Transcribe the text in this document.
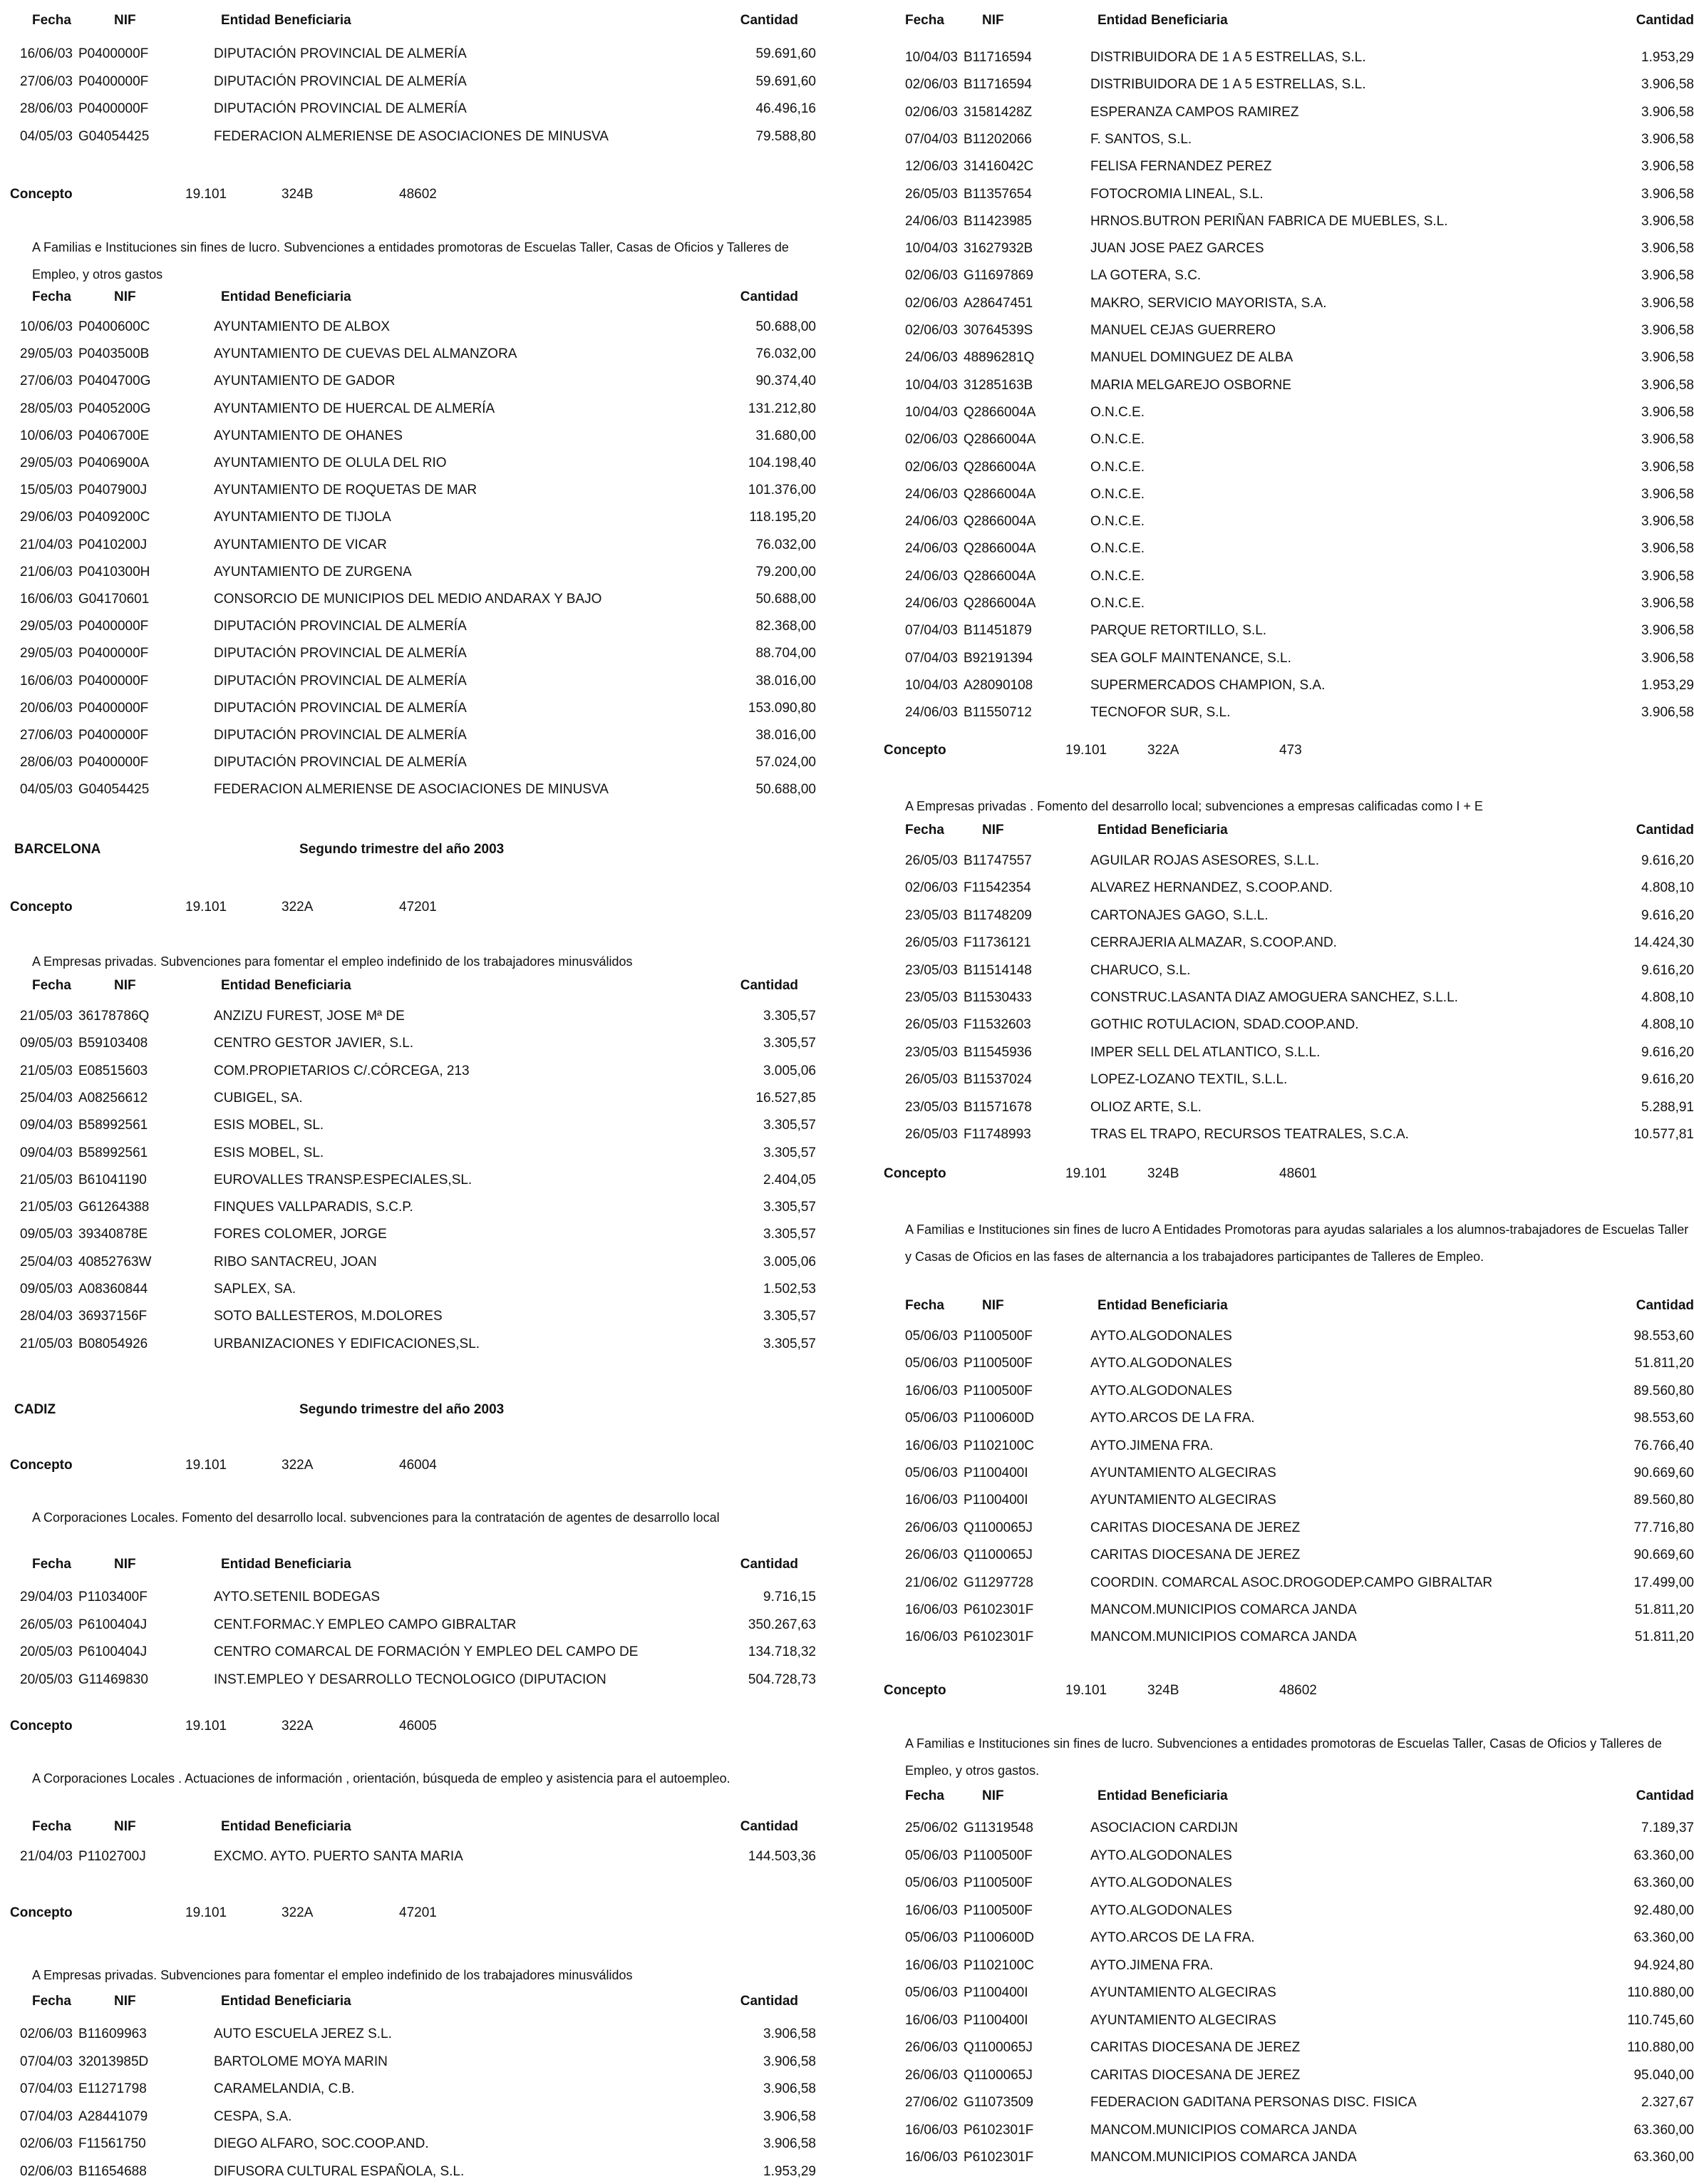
Fecha	NIF	Entidad Beneficiaria	Cantidad
16/06/03 P0400000F	DIPUTACIÓN PROVINCIAL DE ALMERÍA	59.691,60
27/06/03 P0400000F	DIPUTACIÓN PROVINCIAL DE ALMERÍA	59.691,60
28/06/03 P0400000F	DIPUTACIÓN PROVINCIAL DE ALMERÍA	46.496,16
04/05/03 G04054425	FEDERACION ALMERIENSE DE ASOCIACIONES DE MINUSVA	79.588,80
Concepto	19.101	324B	48602
A Familias e Instituciones sin fines de lucro. Subvenciones a entidades promotoras de Escuelas Taller, Casas de Oficios y Talleres de Empleo, y otros gastos
Fecha	NIF	Entidad Beneficiaria	Cantidad
10/06/03 P0400600C	AYUNTAMIENTO DE ALBOX	50.688,00
29/05/03 P0403500B	AYUNTAMIENTO DE CUEVAS DEL ALMANZORA	76.032,00
27/06/03 P0404700G	AYUNTAMIENTO DE GADOR	90.374,40
28/05/03 P0405200G	AYUNTAMIENTO DE HUERCAL DE ALMERÍA	131.212,80
10/06/03 P0406700E	AYUNTAMIENTO DE OHANES	31.680,00
29/05/03 P0406900A	AYUNTAMIENTO DE OLULA DEL RIO	104.198,40
15/05/03 P0407900J	AYUNTAMIENTO DE ROQUETAS DE MAR	101.376,00
29/06/03 P0409200C	AYUNTAMIENTO DE TIJOLA	118.195,20
21/04/03 P0410200J	AYUNTAMIENTO DE VICAR	76.032,00
21/06/03 P0410300H	AYUNTAMIENTO DE ZURGENA	79.200,00
16/06/03 G04170601	CONSORCIO DE MUNICIPIOS DEL MEDIO ANDARAX Y BAJO	50.688,00
29/05/03 P0400000F	DIPUTACIÓN PROVINCIAL DE ALMERÍA	82.368,00
29/05/03 P0400000F	DIPUTACIÓN PROVINCIAL DE ALMERÍA	88.704,00
16/06/03 P0400000F	DIPUTACIÓN PROVINCIAL DE ALMERÍA	38.016,00
20/06/03 P0400000F	DIPUTACIÓN PROVINCIAL DE ALMERÍA	153.090,80
27/06/03 P0400000F	DIPUTACIÓN PROVINCIAL DE ALMERÍA	38.016,00
28/06/03 P0400000F	DIPUTACIÓN PROVINCIAL DE ALMERÍA	57.024,00
04/05/03 G04054425	FEDERACION ALMERIENSE DE ASOCIACIONES DE MINUSVA	50.688,00
BARCELONA	Segundo trimestre del año 2003
Concepto	19.101	322A	47201
A Empresas privadas. Subvenciones para fomentar el empleo indefinido de los trabajadores minusválidos
Fecha	NIF	Entidad Beneficiaria	Cantidad
21/05/03 36178786Q	ANZIZU FUREST, JOSE Mª DE	3.305,57
09/05/03 B59103408	CENTRO GESTOR JAVIER, S.L.	3.305,57
21/05/03 E08515603	COM.PROPIETARIOS C/.CÓRCEGA, 213	3.005,06
25/04/03 A08256612	CUBIGEL, SA.	16.527,85
09/04/03 B58992561	ESIS MOBEL, SL.	3.305,57
09/04/03 B58992561	ESIS MOBEL, SL.	3.305,57
21/05/03 B61041190	EUROVALLES TRANSP.ESPECIALES,SL.	2.404,05
21/05/03 G61264388	FINQUES VALLPARADIS, S.C.P.	3.305,57
09/05/03 39340878E	FORES COLOMER, JORGE	3.305,57
25/04/03 40852763W	RIBO SANTACREU, JOAN	3.005,06
09/05/03 A08360844	SAPLEX, SA.	1.502,53
28/04/03 36937156F	SOTO BALLESTEROS, M.DOLORES	3.305,57
21/05/03 B08054926	URBANIZACIONES Y EDIFICACIONES,SL.	3.305,57
CADIZ	Segundo trimestre del año 2003
Concepto	19.101	322A	46004
A Corporaciones Locales. Fomento del desarrollo local. subvenciones para la contratación de agentes de desarrollo local
Fecha	NIF	Entidad Beneficiaria	Cantidad
29/04/03 P1103400F	AYTO.SETENIL BODEGAS	9.716,15
26/05/03 P6100404J	CENT.FORMAC.Y EMPLEO CAMPO GIBRALTAR	350.267,63
20/05/03 P6100404J	CENTRO COMARCAL DE FORMACIÓN Y EMPLEO DEL CAMPO DE	134.718,32
20/05/03 G11469830	INST.EMPLEO Y DESARROLLO TECNOLOGICO (DIPUTACION	504.728,73
Concepto	19.101	322A	46005
A Corporaciones Locales . Actuaciones de información , orientación, búsqueda de empleo y asistencia para el autoempleo.
Fecha	NIF	Entidad Beneficiaria	Cantidad
21/04/03 P1102700J	EXCMO. AYTO. PUERTO SANTA MARIA	144.503,36
Concepto	19.101	322A	47201
A Empresas privadas. Subvenciones para fomentar el empleo indefinido de los trabajadores minusválidos
Fecha	NIF	Entidad Beneficiaria	Cantidad
02/06/03 B11609963	AUTO ESCUELA JEREZ S.L.	3.906,58
07/04/03 32013985D	BARTOLOME MOYA MARIN	3.906,58
07/04/03 E11271798	CARAMELANDIA, C.B.	3.906,58
07/04/03 A28441079	CESPA, S.A.	3.906,58
02/06/03 F11561750	DIEGO ALFARO, SOC.COOP.AND.	3.906,58
02/06/03 B11654688	DIFUSORA CULTURAL ESPAÑOLA, S.L.	1.953,29
Fecha	NIF	Entidad Beneficiaria	Cantidad
10/04/03 B11716594	DISTRIBUIDORA DE 1 A 5 ESTRELLAS, S.L.	1.953,29
02/06/03 B11716594	DISTRIBUIDORA DE 1 A 5 ESTRELLAS, S.L.	3.906,58
02/06/03 31581428Z	ESPERANZA CAMPOS RAMIREZ	3.906,58
07/04/03 B11202066	F. SANTOS, S.L.	3.906,58
12/06/03 31416042C	FELISA FERNANDEZ PEREZ	3.906,58
26/05/03 B11357654	FOTOCROMIA LINEAL, S.L.	3.906,58
24/06/03 B11423985	HRNOS.BUTRON PERIÑAN FABRICA DE MUEBLES, S.L.	3.906,58
10/04/03 31627932B	JUAN JOSE PAEZ GARCES	3.906,58
02/06/03 G11697869	LA GOTERA, S.C.	3.906,58
02/06/03 A28647451	MAKRO, SERVICIO MAYORISTA, S.A.	3.906,58
02/06/03 30764539S	MANUEL CEJAS GUERRERO	3.906,58
24/06/03 48896281Q	MANUEL DOMINGUEZ DE ALBA	3.906,58
10/04/03 31285163B	MARIA MELGAREJO OSBORNE	3.906,58
10/04/03 Q2866004A	O.N.C.E.	3.906,58
02/06/03 Q2866004A	O.N.C.E.	3.906,58
02/06/03 Q2866004A	O.N.C.E.	3.906,58
24/06/03 Q2866004A	O.N.C.E.	3.906,58
24/06/03 Q2866004A	O.N.C.E.	3.906,58
24/06/03 Q2866004A	O.N.C.E.	3.906,58
24/06/03 Q2866004A	O.N.C.E.	3.906,58
24/06/03 Q2866004A	O.N.C.E.	3.906,58
07/04/03 B11451879	PARQUE RETORTILLO, S.L.	3.906,58
07/04/03 B92191394	SEA GOLF MAINTENANCE, S.L.	3.906,58
10/04/03 A28090108	SUPERMERCADOS CHAMPION, S.A.	1.953,29
24/06/03 B11550712	TECNOFOR SUR, S.L.	3.906,58
Concepto	19.101	322A	473
A Empresas privadas . Fomento del desarrollo local; subvenciones a empresas calificadas como I + E
Fecha	NIF	Entidad Beneficiaria	Cantidad
26/05/03 B11747557	AGUILAR ROJAS ASESORES, S.L.L.	9.616,20
02/06/03 F11542354	ALVAREZ HERNANDEZ, S.COOP.AND.	4.808,10
23/05/03 B11748209	CARTONAJES GAGO, S.L.L.	9.616,20
26/05/03 F11736121	CERRAJERIA ALMAZAR, S.COOP.AND.	14.424,30
23/05/03 B11514148	CHARUCO, S.L.	9.616,20
23/05/03 B11530433	CONSTRUC.LASANTA DIAZ AMOGUERA SANCHEZ, S.L.L.	4.808,10
26/05/03 F11532603	GOTHIC ROTULACION, SDAD.COOP.AND.	4.808,10
23/05/03 B11545936	IMPER SELL DEL ATLANTICO, S.L.L.	9.616,20
26/05/03 B11537024	LOPEZ-LOZANO TEXTIL, S.L.L.	9.616,20
23/05/03 B11571678	OLIOZ ARTE, S.L.	5.288,91
26/05/03 F11748993	TRAS EL TRAPO, RECURSOS TEATRALES, S.C.A.	10.577,81
Concepto	19.101	324B	48601
A Familias e Instituciones sin fines de lucro A Entidades Promotoras para ayudas salariales a los alumnos-trabajadores de Escuelas Taller y Casas de Oficios en las fases de alternancia a los trabajadores participantes de Talleres de Empleo.
Fecha	NIF	Entidad Beneficiaria	Cantidad
05/06/03 P1100500F	AYTO.ALGODONALES	98.553,60
05/06/03 P1100500F	AYTO.ALGODONALES	51.811,20
16/06/03 P1100500F	AYTO.ALGODONALES	89.560,80
05/06/03 P1100600D	AYTO.ARCOS DE LA FRA.	98.553,60
16/06/03 P1102100C	AYTO.JIMENA FRA.	76.766,40
05/06/03 P1100400I	AYUNTAMIENTO ALGECIRAS	90.669,60
16/06/03 P1100400I	AYUNTAMIENTO ALGECIRAS	89.560,80
26/06/03 Q1100065J	CARITAS DIOCESANA DE JEREZ	77.716,80
26/06/03 Q1100065J	CARITAS DIOCESANA DE JEREZ	90.669,60
21/06/02 G11297728	COORDIN. COMARCAL ASOC.DROGODEP.CAMPO GIBRALTAR	17.499,00
16/06/03 P6102301F	MANCOM.MUNICIPIOS COMARCA JANDA	51.811,20
16/06/03 P6102301F	MANCOM.MUNICIPIOS COMARCA JANDA	51.811,20
Concepto	19.101	324B	48602
A Familias e Instituciones sin fines de lucro. Subvenciones a entidades promotoras de Escuelas Taller, Casas de Oficios y Talleres de Empleo, y otros gastos.
Fecha	NIF	Entidad Beneficiaria	Cantidad
25/06/02 G11319548	ASOCIACION CARDIJN	7.189,37
05/06/03 P1100500F	AYTO.ALGODONALES	63.360,00
05/06/03 P1100500F	AYTO.ALGODONALES	63.360,00
16/06/03 P1100500F	AYTO.ALGODONALES	92.480,00
05/06/03 P1100600D	AYTO.ARCOS DE LA FRA.	63.360,00
16/06/03 P1102100C	AYTO.JIMENA FRA.	94.924,80
05/06/03 P1100400I	AYUNTAMIENTO ALGECIRAS	110.880,00
16/06/03 P1100400I	AYUNTAMIENTO ALGECIRAS	110.745,60
26/06/03 Q1100065J	CARITAS DIOCESANA DE JEREZ	110.880,00
26/06/03 Q1100065J	CARITAS DIOCESANA DE JEREZ	95.040,00
27/06/02 G11073509	FEDERACION GADITANA PERSONAS DISC. FISICA	2.327,67
16/06/03 P6102301F	MANCOM.MUNICIPIOS COMARCA JANDA	63.360,00
16/06/03 P6102301F	MANCOM.MUNICIPIOS COMARCA JANDA	63.360,00
